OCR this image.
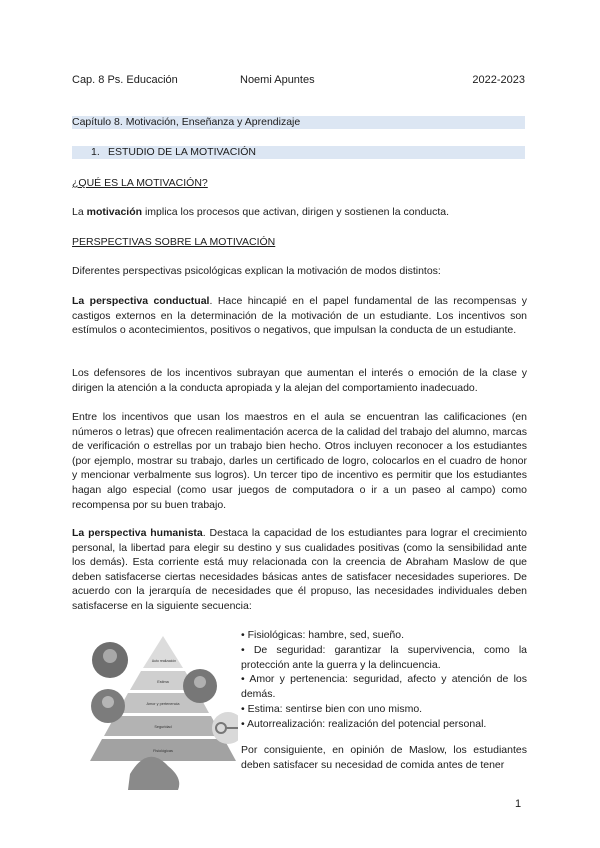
Cap. 8 Ps. Educación	Noemi Apuntes	2022-2023
Capítulo 8. Motivación, Enseñanza y Aprendizaje
1. ESTUDIO DE LA MOTIVACIÓN
¿QUÉ ES LA MOTIVACIÓN?

La motivación implica los procesos que activan, dirigen y sostienen la conducta.

PERSPECTIVAS SOBRE LA MOTIVACIÓN

Diferentes perspectivas psicológicas explican la motivación de modos distintos:

La perspectiva conductual. Hace hincapié en el papel fundamental de las recompensas y castigos externos en la determinación de la motivación de un estudiante. Los incentivos son estímulos o acontecimientos, positivos o negativos, que impulsan la conducta de un estudiante.

Los defensores de los incentivos subrayan que aumentan el interés o emoción de la clase y dirigen la atención a la conducta apropiada y la alejan del comportamiento inadecuado.

Entre los incentivos que usan los maestros en el aula se encuentran las calificaciones (en números o letras) que ofrecen realimentación acerca de la calidad del trabajo del alumno, marcas de verificación o estrellas por un trabajo bien hecho. Otros incluyen reconocer a los estudiantes (por ejemplo, mostrar su trabajo, darles un certificado de logro, colocarlos en el cuadro de honor y mencionar verbalmente sus logros). Un tercer tipo de incentivo es permitir que los estudiantes hagan algo especial (como usar juegos de computadora o ir a un paseo al campo) como recompensa por su buen trabajo.

La perspectiva humanista. Destaca la capacidad de los estudiantes para lograr el crecimiento personal, la libertad para elegir su destino y sus cualidades positivas (como la sensibilidad ante los demás). Esta corriente está muy relacionada con la creencia de Abraham Maslow de que deben satisfacerse ciertas necesidades básicas antes de satisfacer necesidades superiores. De acuerdo con la jerarquía de necesidades que él propuso, las necesidades individuales deben satisfacerse en la siguiente secuencia:

Auto realización
Estima
Amor y pertenencia
Seguridad
Fisiológicas

• Fisiológicas: hambre, sed, sueño.

• De seguridad: garantizar la supervivencia, como la protección ante la guerra y la delincuencia.

• Amor y pertenencia: seguridad, afecto y atención de los demás.

• Estima: sentirse bien con uno mismo.

• Autorrealización: realización del potencial personal.

Por consiguiente, en opinión de Maslow, los estudiantes deben satisfacer su necesidad de comida antes de tener

1
